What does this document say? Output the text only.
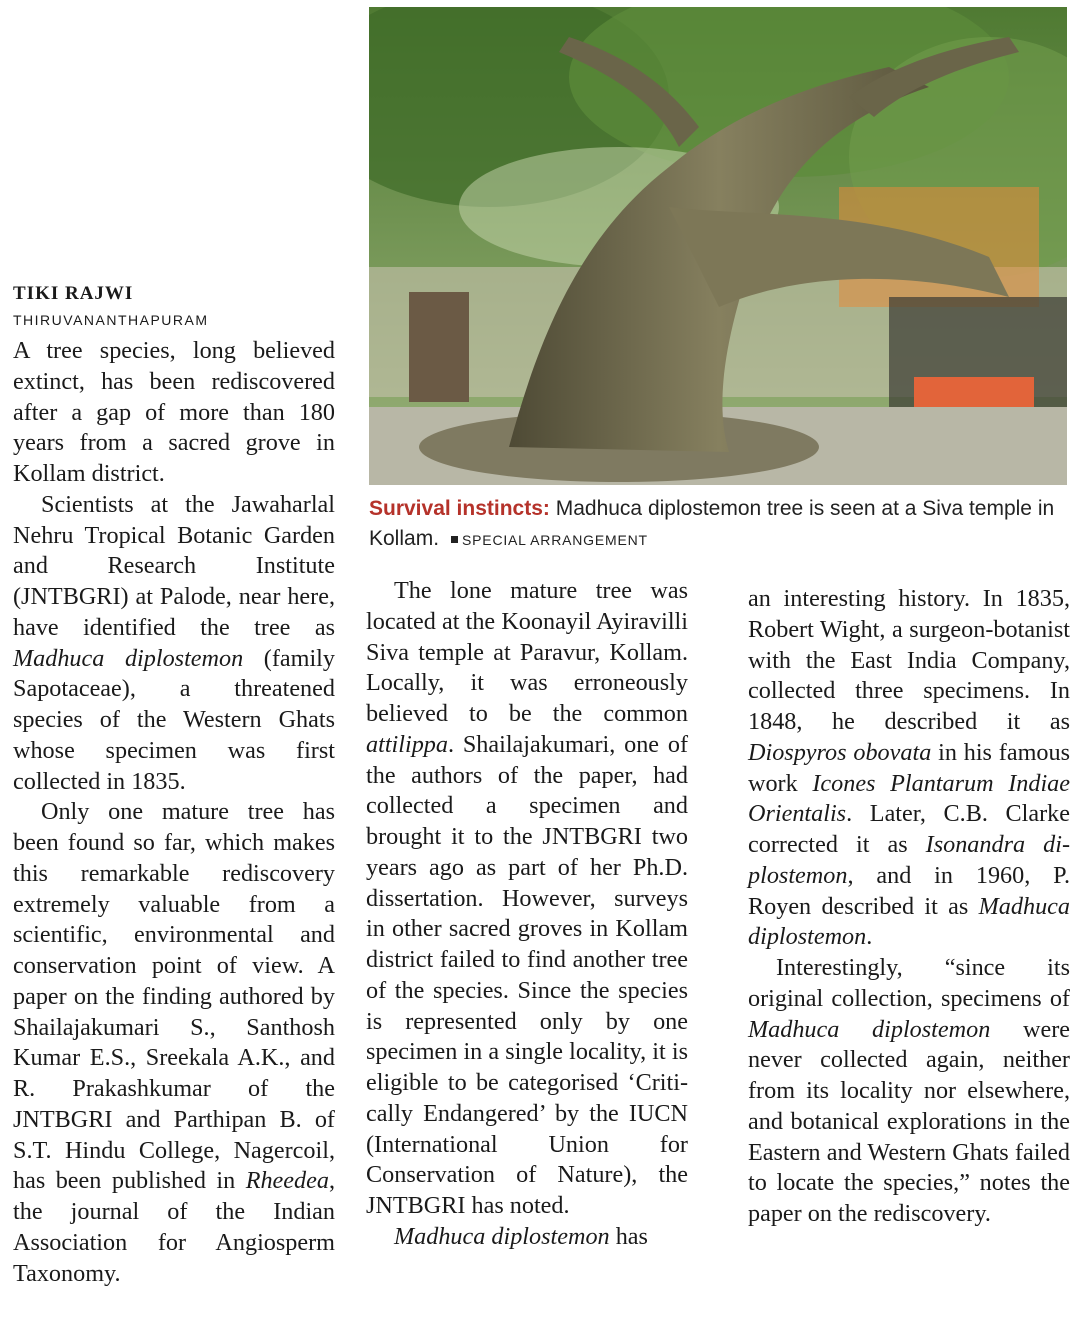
TIKI RAJWI
THIRUVANANTHAPURAM

A tree species, long believed extinct, has been rediscovered after a gap of more than 180 years from a sacred grove in Kollam district.

Scientists at the Jawaharlal Nehru Tropical Botanic Garden and Research Institute (JNTBGRI) at Palode, near here, have identified the tree as Madhuca diplostemon (family Sapotaceae), a threatened species of the Western Ghats whose specimen was first collected in 1835.

Only one mature tree has been found so far, which makes this remarkable rediscovery extremely valuable from a scientific, environmental and conservation point of view. A paper on the finding authored by Shailajakumari S., Santhosh Kumar E.S., Sreekala A.K., and R. Prakashkumar of the JNTBGRI and Parthipan B. of S.T. Hindu College, Nagercoil, has been published in Rheedea, the journal of the Indian Association for Angiosperm Taxonomy.

Survival instincts: Madhuca diplostemon tree is seen at a Siva temple in Kollam. SPECIAL ARRANGEMENT

The lone mature tree was located at the Koonayil Ayiravilli Siva temple at Paravur, Kollam. Locally, it was erroneously believed to be the common attilippa. Shailajakumari, one of the authors of the paper, had collected a specimen and brought it to the JNTBGRI two years ago as part of her Ph.D. dissertation. However, surveys in other sacred groves in Kollam district failed to find another tree of the species. Since the species is represented only by one specimen in a single locality, it is eligible to be categorised ‘Critically Endangered’ by the IUCN (International Union for Conservation of Nature), the JNTBGRI has noted.

Madhuca diplostemon has

an interesting history. In 1835, Robert Wight, a surgeon-botanist with the East India Company, collected three specimens. In 1848, he described it as Diospyros obovata in his famous work Icones Plantarum Indiae Orientalis. Later, C.B. Clarke corrected it as Isonandra diplostemon, and in 1960, P. Royen described it as Madhuca diplostemon.

Interestingly, “since its original collection, specimens of Madhuca diplostemon were never collected again, neither from its locality nor elsewhere, and botanical explorations in the Eastern and Western Ghats failed to locate the species,” notes the paper on the rediscovery.
